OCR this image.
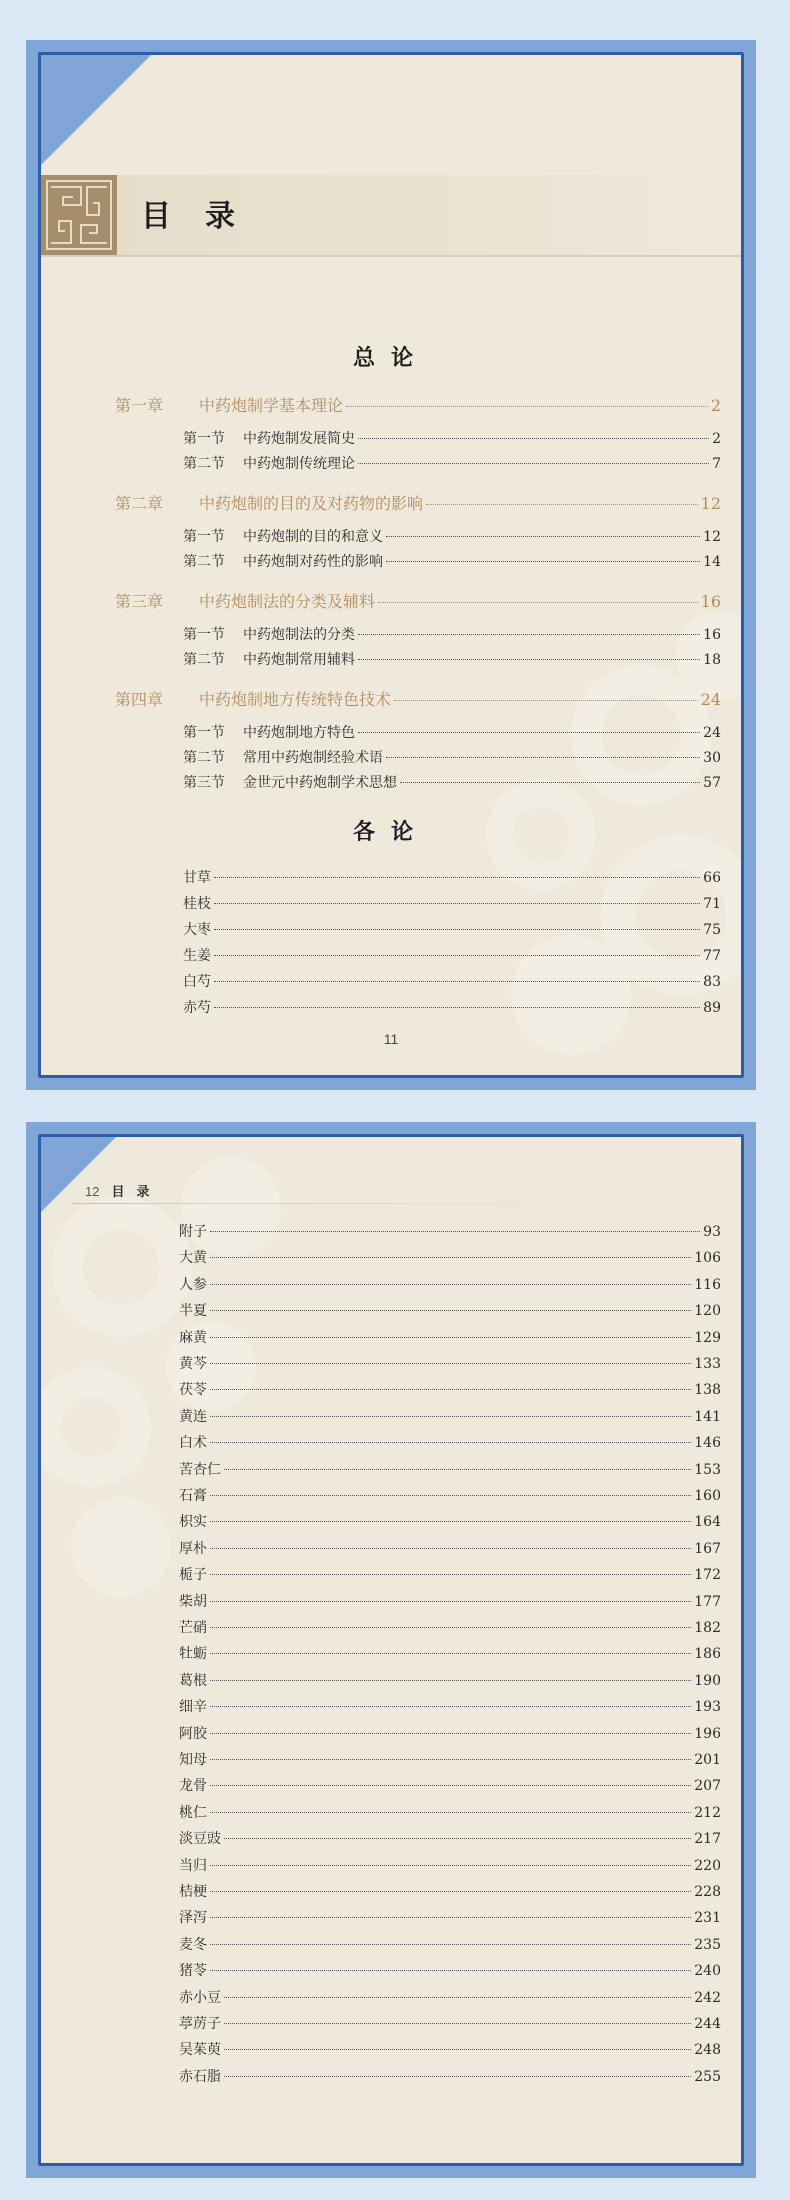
目录
总论
第一章	中药炮制学基本理论	2
第一节	中药炮制发展简史	2
第二节	中药炮制传统理论	7
第二章	中药炮制的目的及对药物的影响	12
第一节	中药炮制的目的和意义	12
第二节	中药炮制对药性的影响	14
第三章	中药炮制法的分类及辅料	16
第一节	中药炮制法的分类	16
第二节	中药炮制常用辅料	18
第四章	中药炮制地方传统特色技术	24
第一节	中药炮制地方特色	24
第二节	常用中药炮制经验术语	30
第三节	金世元中药炮制学术思想	57
各论
甘草	66
桂枝	71
大枣	75
生姜	77
白芍	83
赤芍	89
11
12 目录
附子	93
大黄	106
人参	116
半夏	120
麻黄	129
黄芩	133
茯苓	138
黄连	141
白术	146
苦杏仁	153
石膏	160
枳实	164
厚朴	167
栀子	172
柴胡	177
芒硝	182
牡蛎	186
葛根	190
细辛	193
阿胶	196
知母	201
龙骨	207
桃仁	212
淡豆豉	217
当归	220
桔梗	228
泽泻	231
麦冬	235
猪苓	240
赤小豆	242
葶苈子	244
吴茱萸	248
赤石脂	255
